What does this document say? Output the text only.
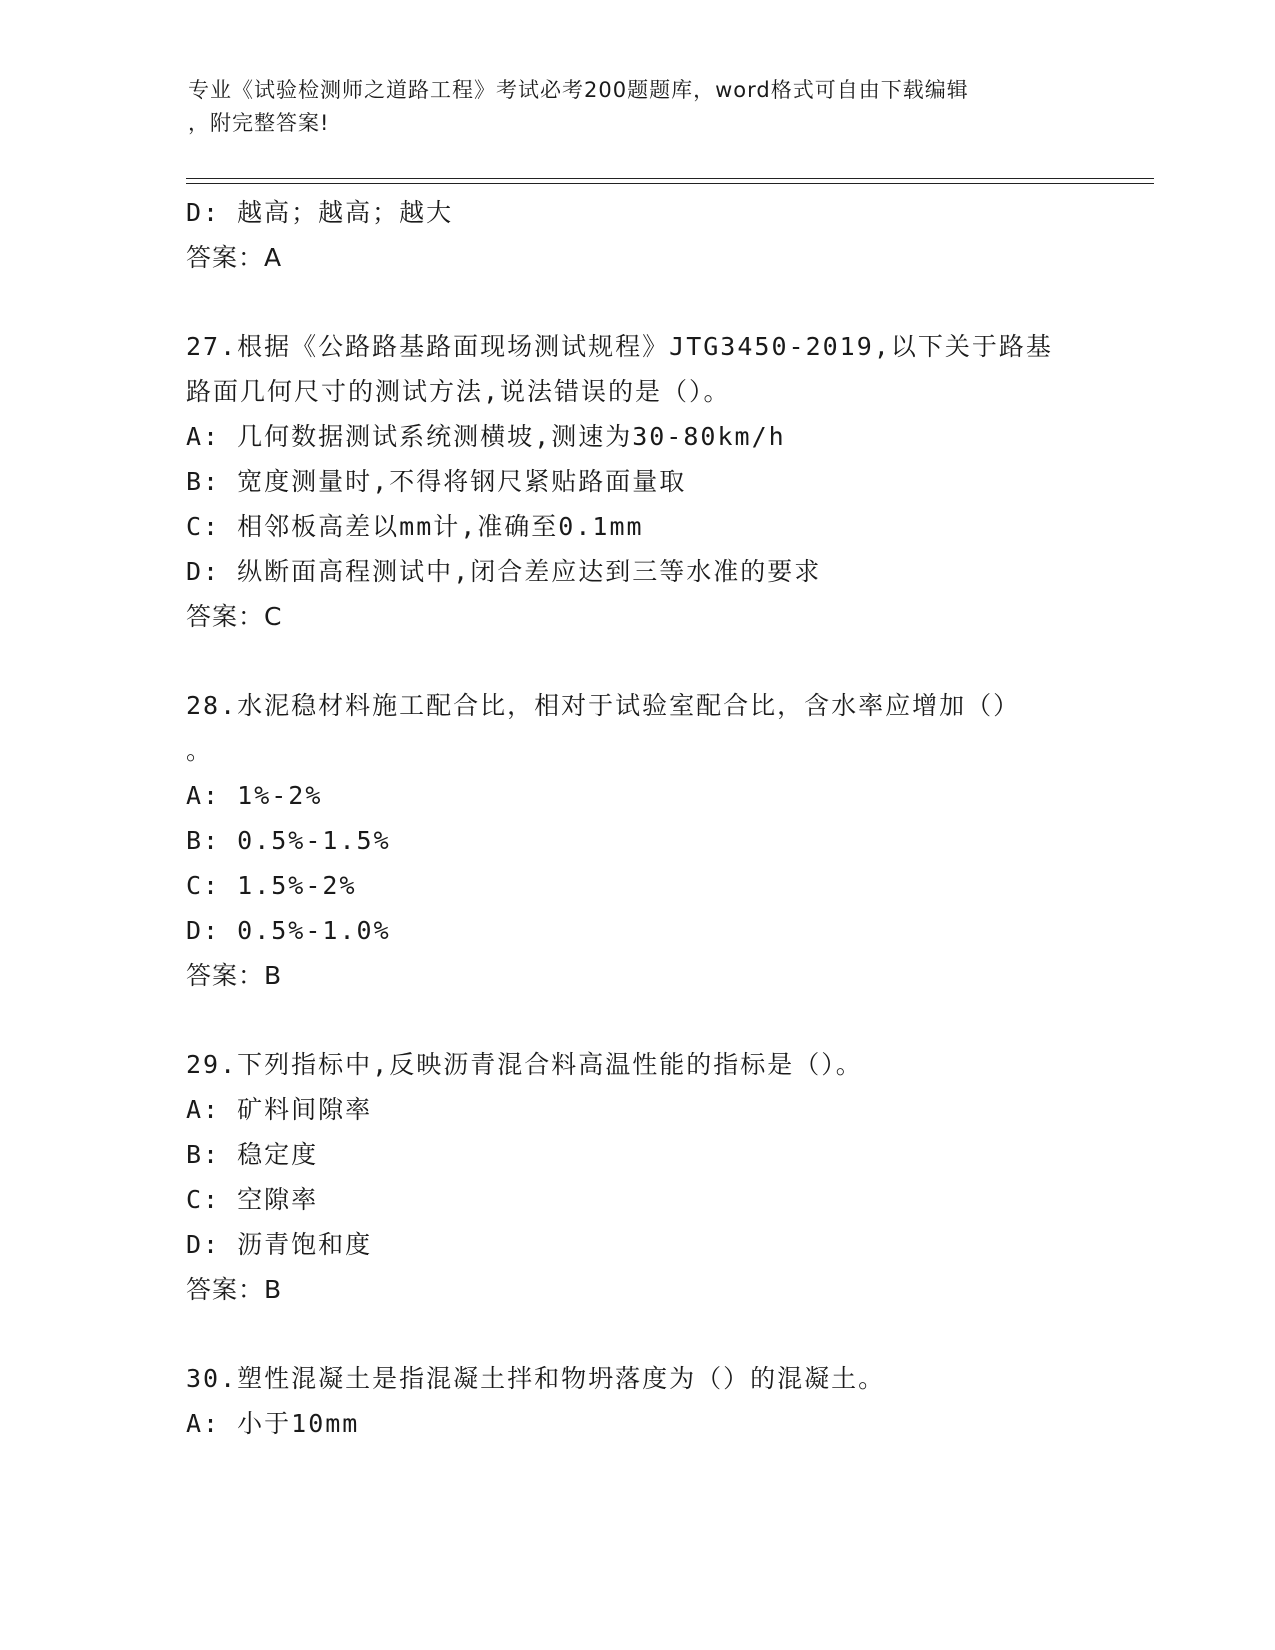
专业《试验检测师之道路工程》考试必考200题题库，word格式可自由下载编辑
，附完整答案!
D: 越高；越高；越大
答案：A
27.根据《公路路基路面现场测试规程》JTG3450-2019,以下关于路基
路面几何尺寸的测试方法,说法错误的是（）。
A: 几何数据测试系统测横坡,测速为30-80km/h
B: 宽度测量时,不得将钢尺紧贴路面量取
C: 相邻板高差以mm计,准确至0.1mm
D: 纵断面高程测试中,闭合差应达到三等水准的要求
答案：C
28.水泥稳材料施工配合比，相对于试验室配合比，含水率应增加（）
。
A: 1%-2%
B: 0.5%-1.5%
C: 1.5%-2%
D: 0.5%-1.0%
答案：B
29.下列指标中,反映沥青混合料高温性能的指标是（）。
A: 矿料间隙率
B: 稳定度
C: 空隙率
D: 沥青饱和度
答案：B
30.塑性混凝土是指混凝土拌和物坍落度为（）的混凝土。
A: 小于10mm
